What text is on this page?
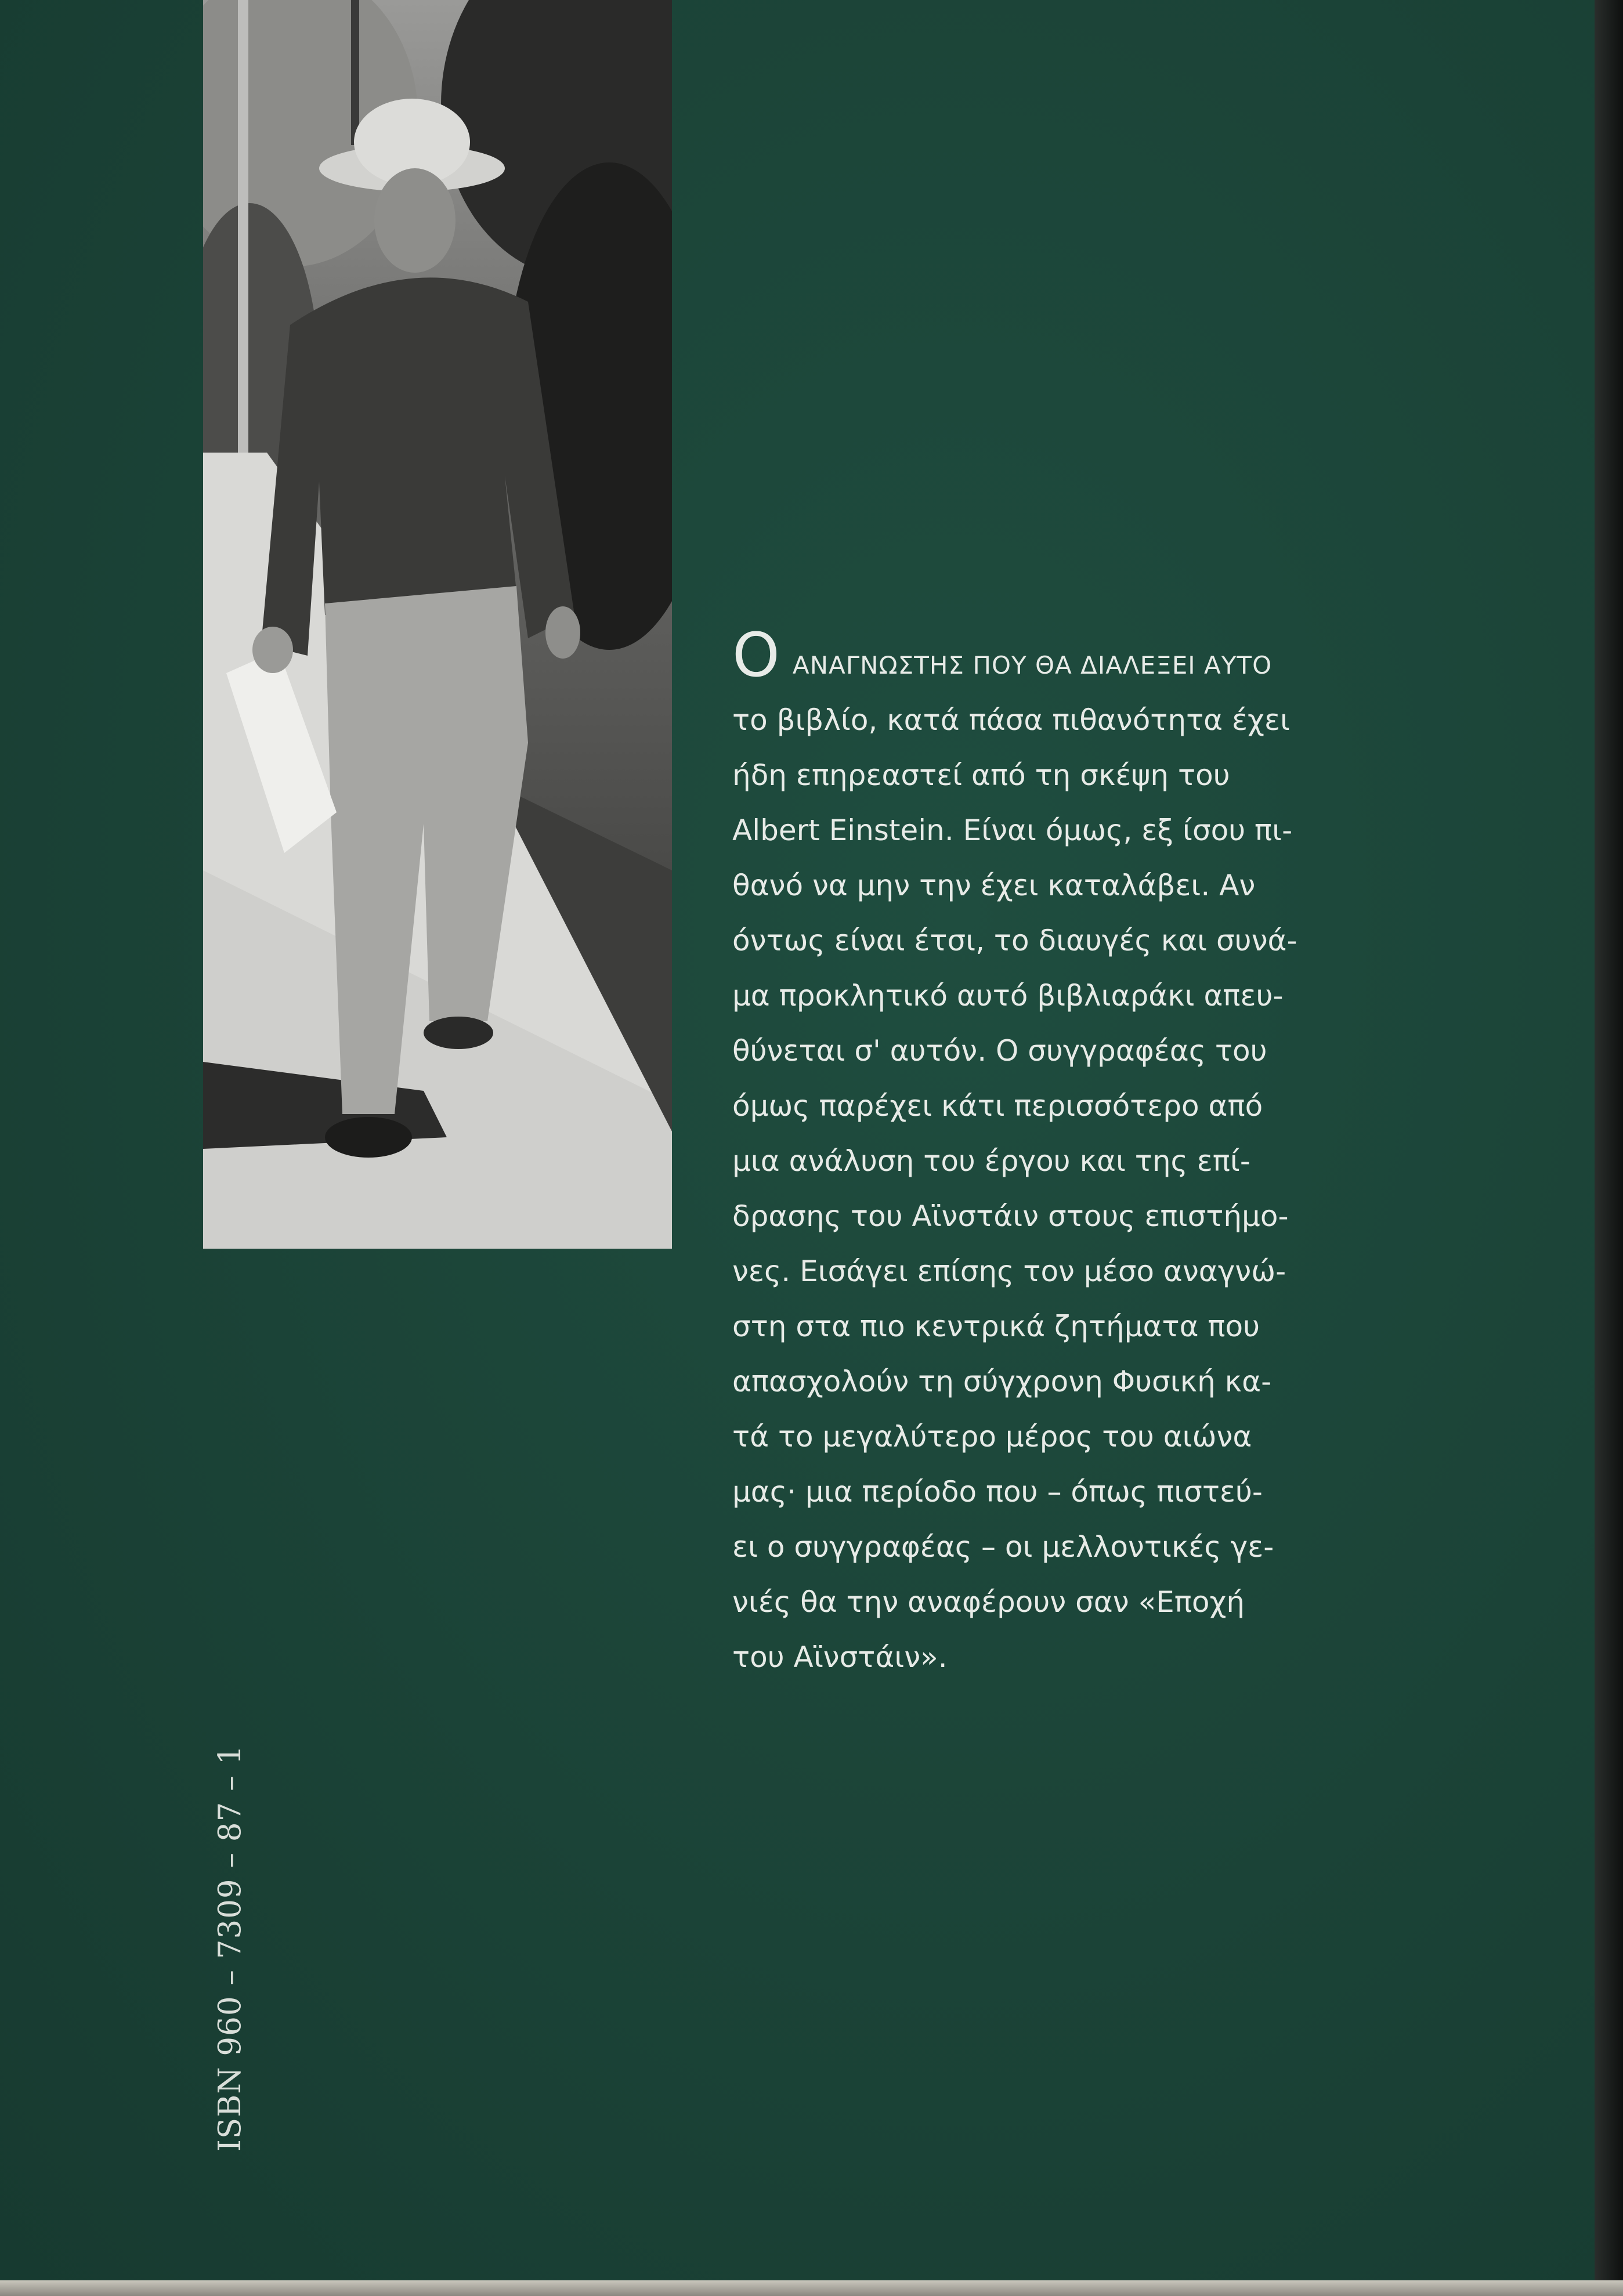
ΟΑΝΑΓΝΩΣΤΗΣ ΠΟΥ ΘΑ ΔΙΑΛΕΞΕΙ ΑΥΤΟ
το βιβλίο, κατά πάσα πιθανότητα έχει
ήδη επηρεαστεί από τη σκέψη του
Albert Einstein. Είναι όμως, εξ ίσου πι-
θανό να μην την έχει καταλάβει. Αν
όντως είναι έτσι, το διαυγές και συνά-
μα προκλητικό αυτό βιβλιαράκι απευ-
θύνεται σ' αυτόν. Ο συγγραφέας του
όμως παρέχει κάτι περισσότερο από
μια ανάλυση του έργου και της επί-
δρασης του Αϊνστάιν στους επιστήμο-
νες. Εισάγει επίσης τον μέσο αναγνώ-
στη στα πιο κεντρικά ζητήματα που
απασχολούν τη σύγχρονη Φυσική κα-
τά το μεγαλύτερο μέρος του αιώνα
μας· μια περίοδο που – όπως πιστεύ-
ει ο συγγραφέας – οι μελλοντικές γε-
νιές θα την αναφέρουν σαν «Εποχή
του Αϊνστάιν».
ISBN 960 – 7309 – 87 – 1
